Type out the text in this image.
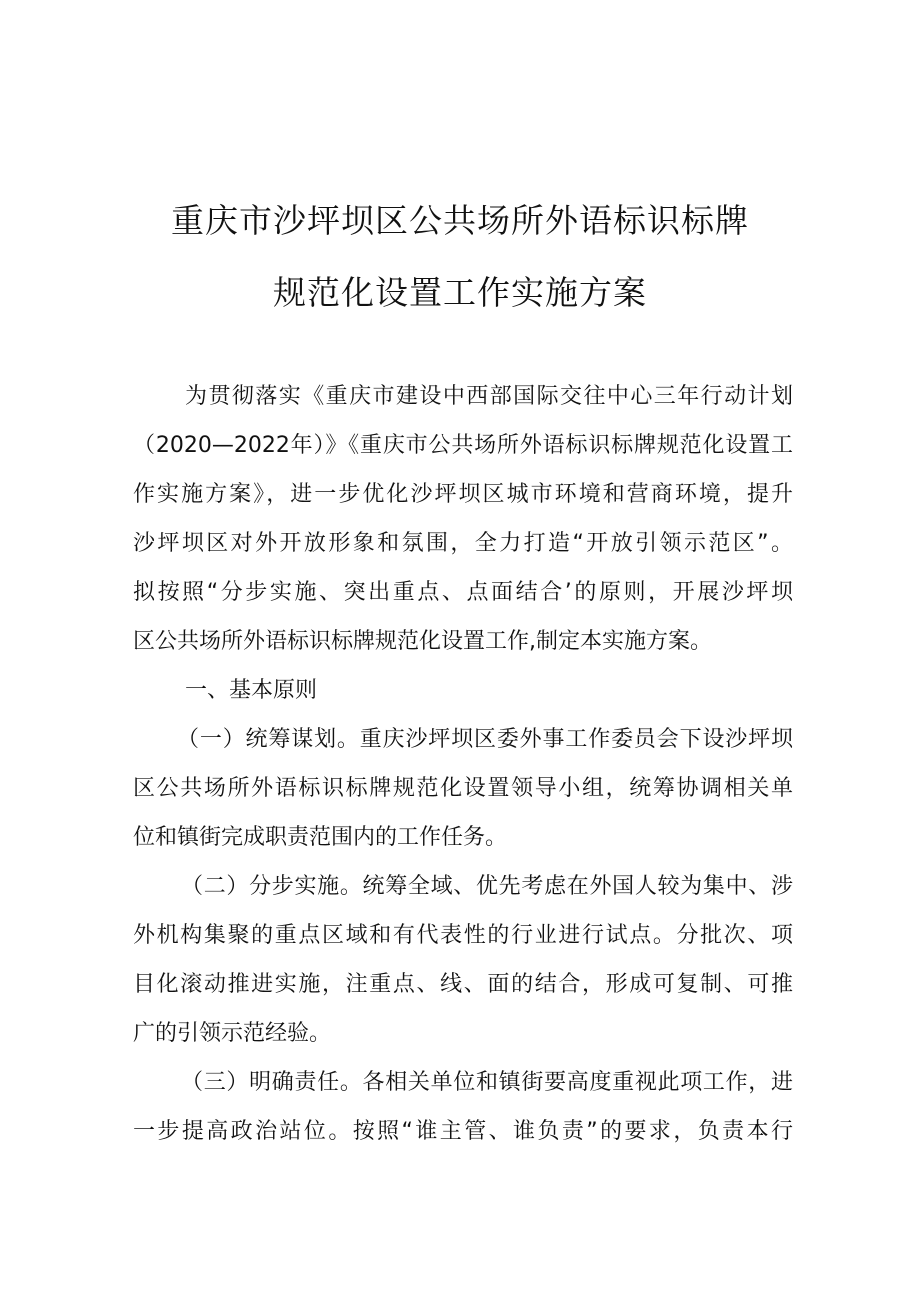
重庆市沙坪坝区公共场所外语标识标牌
规范化设置工作实施方案
为贯彻落实《重庆市建设中西部国际交往中心三年行动计划
（2020—2022年）》《重庆市公共场所外语标识标牌规范化设置工
作实施方案》，进一步优化沙坪坝区城市环境和营商环境，提升
沙坪坝区对外开放形象和氛围，全力打造“开放引领示范区”。
拟按照“分步实施、突出重点、点面结合’的原则，开展沙坪坝
区公共场所外语标识标牌规范化设置工作,制定本实施方案。
一、基本原则
（一）统筹谋划。重庆沙坪坝区委外事工作委员会下设沙坪坝
区公共场所外语标识标牌规范化设置领导小组，统筹协调相关单
位和镇街完成职责范围内的工作任务。
（二）分步实施。统筹全域、优先考虑在外国人较为集中、涉
外机构集聚的重点区域和有代表性的行业进行试点。分批次、项
目化滚动推进实施，注重点、线、面的结合，形成可复制、可推
广的引领示范经验。
（三）明确责任。各相关单位和镇街要高度重视此项工作，进
一步提高政治站位。按照“谁主管、谁负责”的要求，负责本行
